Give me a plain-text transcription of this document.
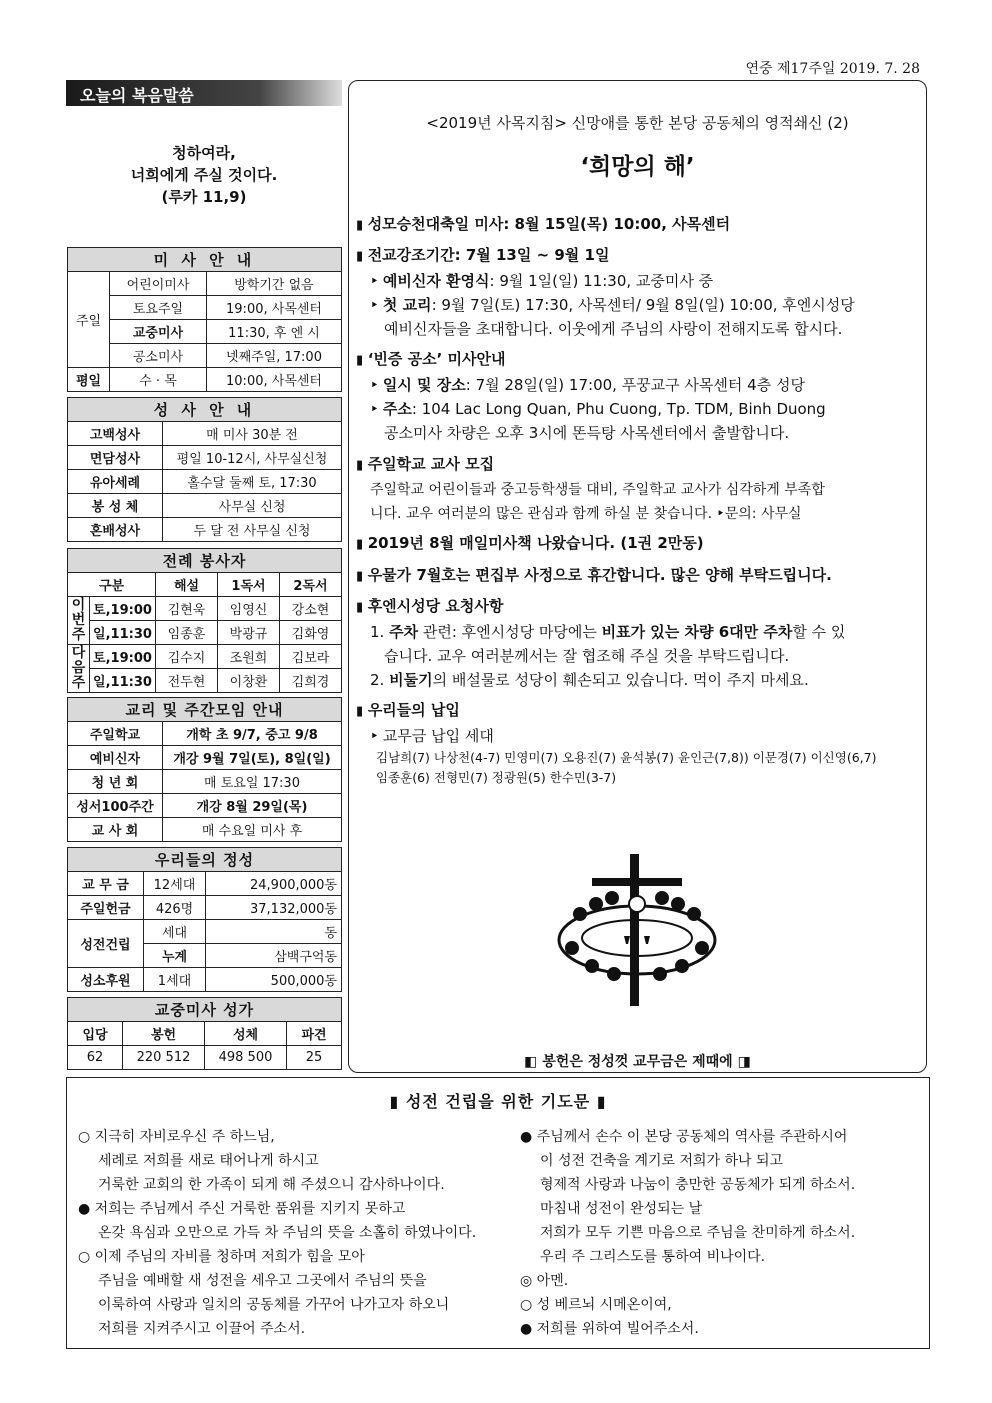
연중 제17주일 2019. 7. 28
오늘의 복음말씀
청하여라,
너희에게 주실 것이다.
(루카 11,9)
미 사 안 내		
주일	어린이미사	방학기간 없음
	토요주일	19:00, 사목센터
	교중미사	11:30, 후 엔 시
	공소미사	넷째주일, 17:00
평일	수 · 목	10:00, 사목센터
성 사 안 내	
고백성사	매 미사 30분 전
면담성사	평일 10-12시, 사무실신청
유아세례	홀수달 둘째 토, 17:30
봉 성 체	사무실 신청
혼배성사	두 달 전 사무실 신청
전례 봉사자				
구분		해설	1독서	2독서
이번주	토,19:00	김현욱	임영신	강소현
	일,11:30	임종훈	박광규	김화영
다음주	토,19:00	김수지	조원희	김보라
	일,11:30	전두현	이창환	김희경
교리 및 주간모임 안내	
주일학교	개학 초 9/7, 중고 9/8
예비신자	개강 9월 7일(토), 8일(일)
청 년 회	매 토요일 17:30
성서100주간	개강 8월 29일(목)
교 사 회	매 수요일 미사 후
우리들의 정성		
교 무 금	12세대	24,900,000동
주일헌금	426명	37,132,000동
성전건립	세대	동
	누계	삼백구억동
성소후원	1세대	500,000동
교중미사 성가			
입당	봉헌	성체	파견
62	220 512	498 500	25
<2019년 사목지침> 신망애를 통한 본당 공동체의 영적쇄신 (2)
‘희망의 해’
▮ 성모승천대축일 미사: 8월 15일(목) 10:00, 사목센터
▮ 전교강조기간: 7월 13일 ~ 9월 1일
‣ 예비신자 환영식: 9월 1일(일) 11:30, 교중미사 중
‣ 첫 교리: 9월 7일(토) 17:30, 사목센터/ 9월 8일(일) 10:00, 후엔시성당
예비신자들을 초대합니다. 이웃에게 주님의 사랑이 전해지도록 합시다.
▮ ‘빈증 공소’ 미사안내
‣ 일시 및 장소: 7월 28일(일) 17:00, 푸꿍교구 사목센터 4층 성당
‣ 주소: 104 Lac Long Quan, Phu Cuong, Tp. TDM, Binh Duong
공소미사 차량은 오후 3시에 똔득탕 사목센터에서 출발합니다.
▮ 주일학교 교사 모집
주일학교 어린이들과 중고등학생들 대비, 주일학교 교사가 심각하게 부족합
니다. 교우 여러분의 많은 관심과 함께 하실 분 찾습니다. ‣문의: 사무실
▮ 2019년 8월 매일미사책 나왔습니다. (1권 2만동)
▮ 우물가 7월호는 편집부 사정으로 휴간합니다. 많은 양해 부탁드립니다.
▮ 후엔시성당 요청사항
1. 주차 관련: 후엔시성당 마당에는 비표가 있는 차량 6대만 주차할 수 있
습니다. 교우 여러분께서는 잘 협조해 주실 것을 부탁드립니다.
2. 비둘기의 배설물로 성당이 훼손되고 있습니다. 먹이 주지 마세요.
▮ 우리들의 납입
‣ 교무금 납입 세대
김남희(7) 나상천(4-7) 민영미(7) 오용진(7) 윤석봉(7) 윤인근(7,8)) 이문경(7) 이신영(6,7)
임종훈(6) 전형민(7) 정광원(5) 한수민(3-7)
◧ 봉헌은 정성껏 교무금은 제때에 ◨
▮ 성전 건립을 위한 기도문 ▮
○ 지극히 자비로우신 주 하느님,
세례로 저희를 새로 태어나게 하시고
거룩한 교회의 한 가족이 되게 해 주셨으니 감사하나이다.
● 저희는 주님께서 주신 거룩한 품위를 지키지 못하고
온갖 욕심과 오만으로 가득 차 주님의 뜻을 소홀히 하였나이다.
○ 이제 주님의 자비를 청하며 저희가 힘을 모아
주님을 예배할 새 성전을 세우고 그곳에서 주님의 뜻을
이룩하여 사랑과 일치의 공동체를 가꾸어 나가고자 하오니
저희를 지켜주시고 이끌어 주소서.
● 주님께서 손수 이 본당 공동체의 역사를 주관하시어
이 성전 건축을 계기로 저희가 하나 되고
형제적 사랑과 나눔이 충만한 공동체가 되게 하소서.
마침내 성전이 완성되는 날
저희가 모두 기쁜 마음으로 주님을 찬미하게 하소서.
우리 주 그리스도를 통하여 비나이다.
◎ 아멘.
○ 성 베르뇌 시메온이여,
● 저희를 위하여 빌어주소서.
